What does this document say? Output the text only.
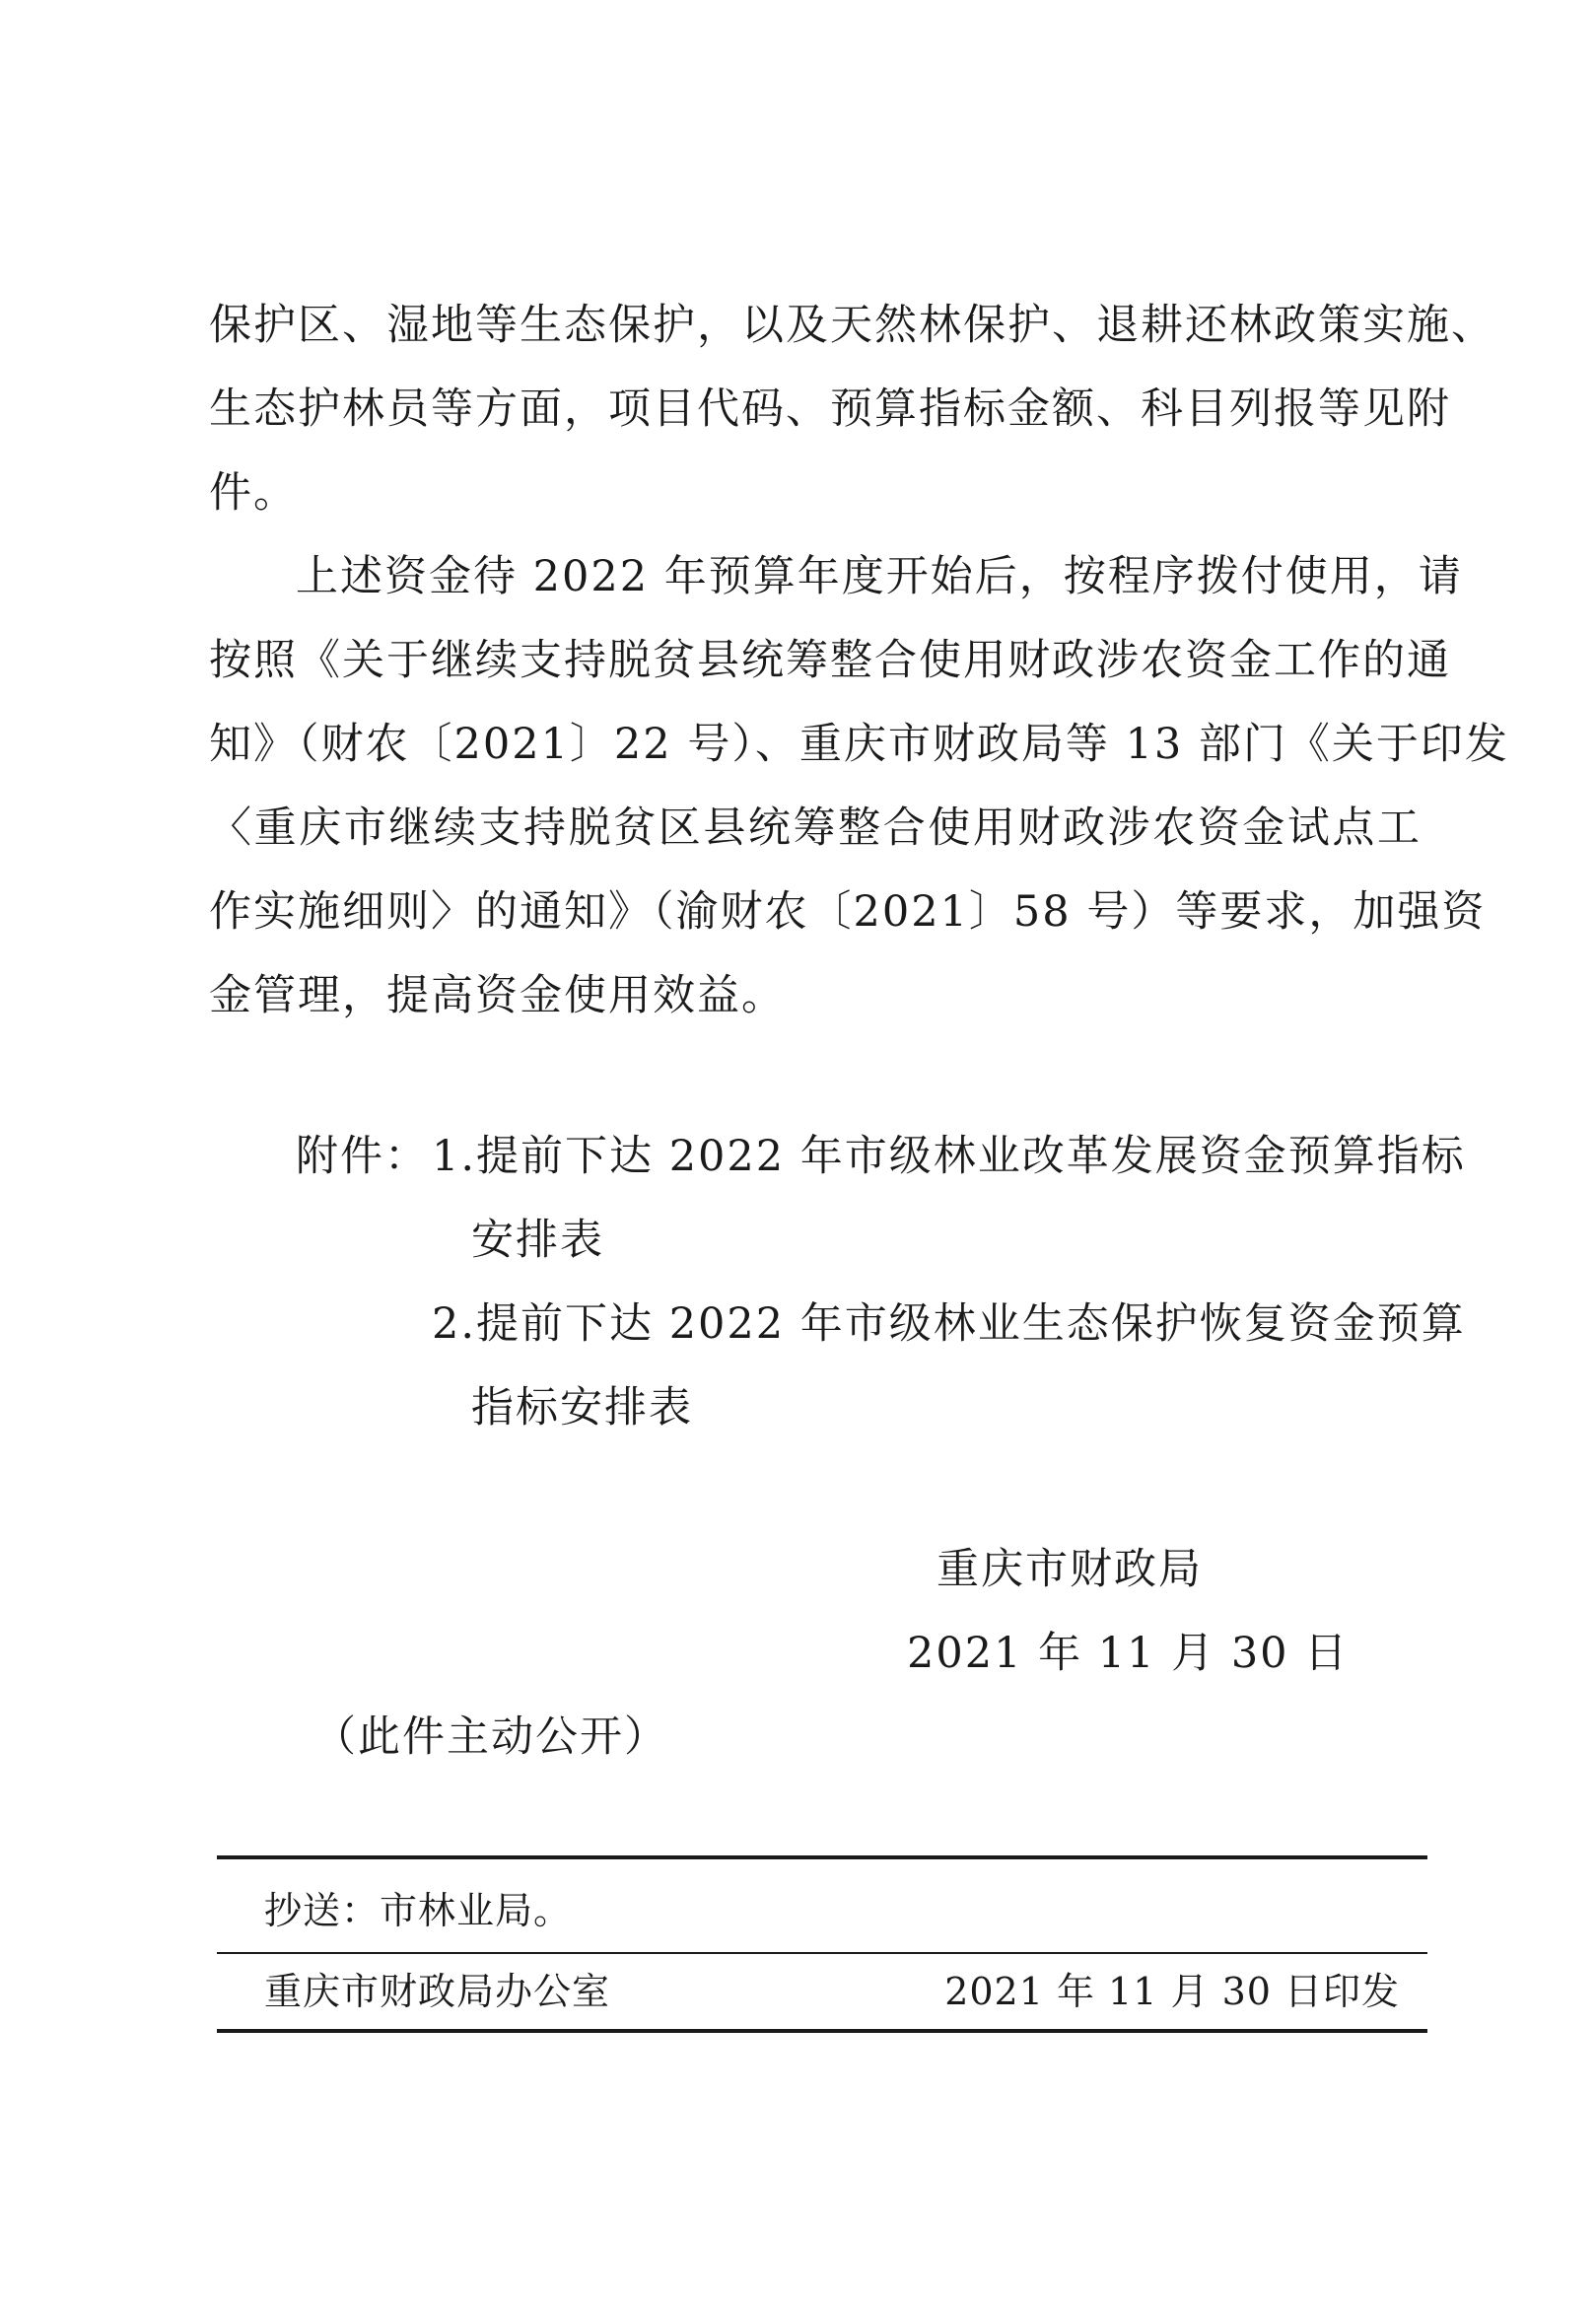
保护区、湿地等生态保护，以及天然林保护、退耕还林政策实施、
生态护林员等方面，项目代码、预算指标金额、科目列报等见附
件。
上述资金待 2022 年预算年度开始后，按程序拨付使用，请
按照《关于继续支持脱贫县统筹整合使用财政涉农资金工作的通
知》（财农〔2021〕22 号）、重庆市财政局等 13 部门《关于印发
〈重庆市继续支持脱贫区县统筹整合使用财政涉农资金试点工
作实施细则〉的通知》（渝财农〔2021〕58 号）等要求，加强资
金管理，提高资金使用效益。
附件： 1.提前下达 2022 年市级林业改革发展资金预算指标
安排表
2.提前下达 2022 年市级林业生态保护恢复资金预算
指标安排表
重庆市财政局
2021 年 11 月 30 日
（此件主动公开）
抄送：市林业局。
重庆市财政局办公室	2021 年 11 月 30 日印发
